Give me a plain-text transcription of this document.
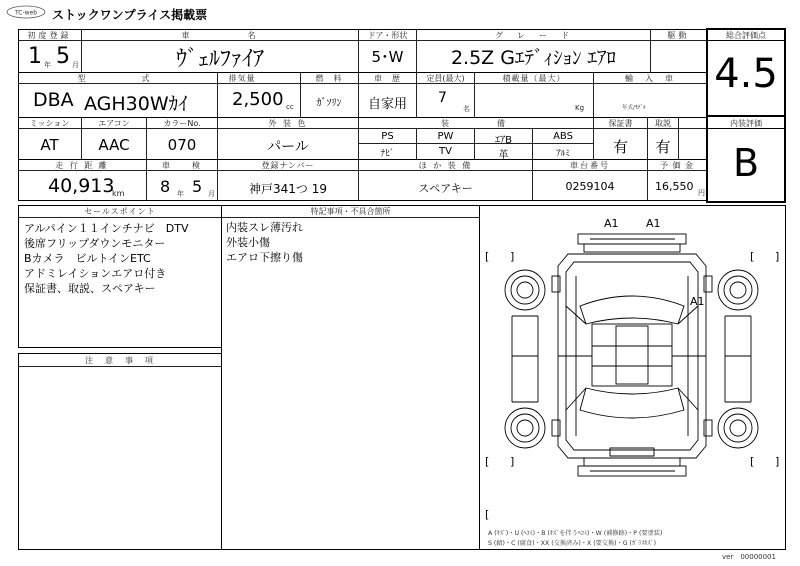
TC-web ストックワンプライス掲載票
初度登録
1 年 5 月
車　　　　　名
ｳﾞｪﾙﾌｧｲｱ
ドア・形状
5･W
グ　レ　ー　ド
2.5Z Gｴﾃﾞｨｼｮﾝ ｴｱﾛ
駆動
型　　　式
DBA AGH30Wｶｲ
排気量
2,500 cc
燃　料
ｶﾞｿﾘﾝ
車　歴
自家用
定員(最大)
7
名
積載量（最大）
Kg
輸　入　車
年式/ﾓﾃﾞﾙ
ミッション
AT
エアコン
AAC
カラーNo.
070
外 装 色
パール
装　　　備
PS	PW	ｴｱB	ABS
ﾅﾋﾞ	TV	革	ｱﾙﾐ
保証書
有
取説
有
走 行 距 離
40,913
km
車　　検
8 年 5 月
登録ナンバー
神戸341つ 19
ほ か 装 備
スペアキー
車台番号
0259104
予 価 金
16,550 円
総合評価点
4.5
内装評価
B
セールスポイント
アルパイン１１インチナビ　DTV
後席フリップダウンモニター
Bカメラ　ビルトインETC
アドミレイションエアロ付き
保証書、取説、スペアキー
注　意　事　項
特記事項・不具合箇所
内装スレ薄汚れ
外装小傷
エアロ下擦り傷
A1 A1
A1
[ ]	[ ]
[ ]	[ ]
[
A (ｷｽﾞ)・U (ﾍｺﾐ)・B (ｷｽﾞを伴うﾍｺﾐ)・W (補修跡)・P (要塗装)
S (錆)・C (腐食)・XX (交換済み)・X (要交換)・G (ｶﾞﾗｽｷｽﾞ)
ver　00000001
